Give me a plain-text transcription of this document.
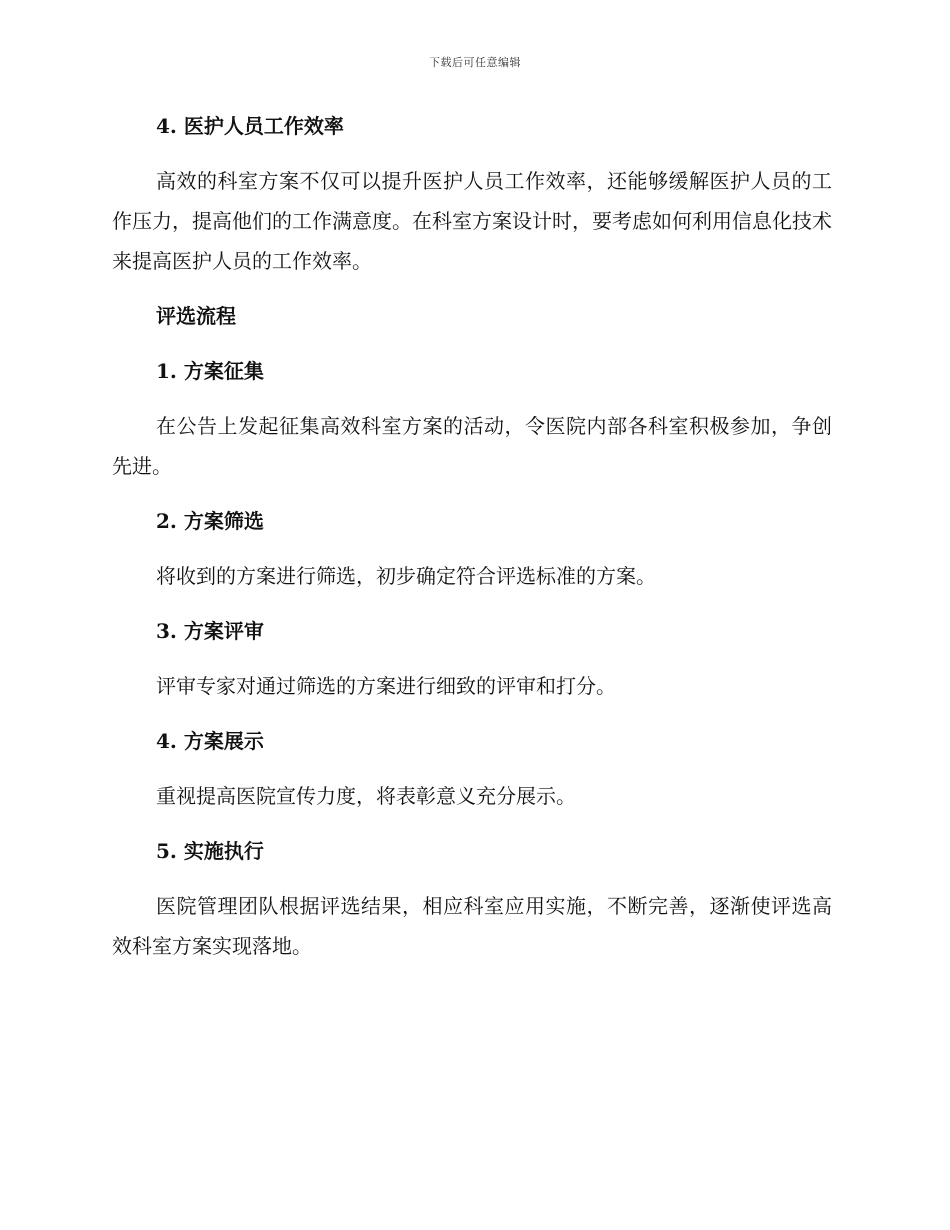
下载后可任意编辑
4. 医护人员工作效率

高效的科室方案不仅可以提升医护人员工作效率，还能够缓解医护人员的工作压力，提高他们的工作满意度。在科室方案设计时，要考虑如何利用信息化技术来提高医护人员的工作效率。

评选流程
1. 方案征集

在公告上发起征集高效科室方案的活动，令医院内部各科室积极参加，争创先进。

2. 方案筛选

将收到的方案进行筛选，初步确定符合评选标准的方案。

3. 方案评审

评审专家对通过筛选的方案进行细致的评审和打分。

4. 方案展示

重视提高医院宣传力度，将表彰意义充分展示。

5. 实施执行

医院管理团队根据评选结果，相应科室应用实施，不断完善，逐渐使评选高效科室方案实现落地。
